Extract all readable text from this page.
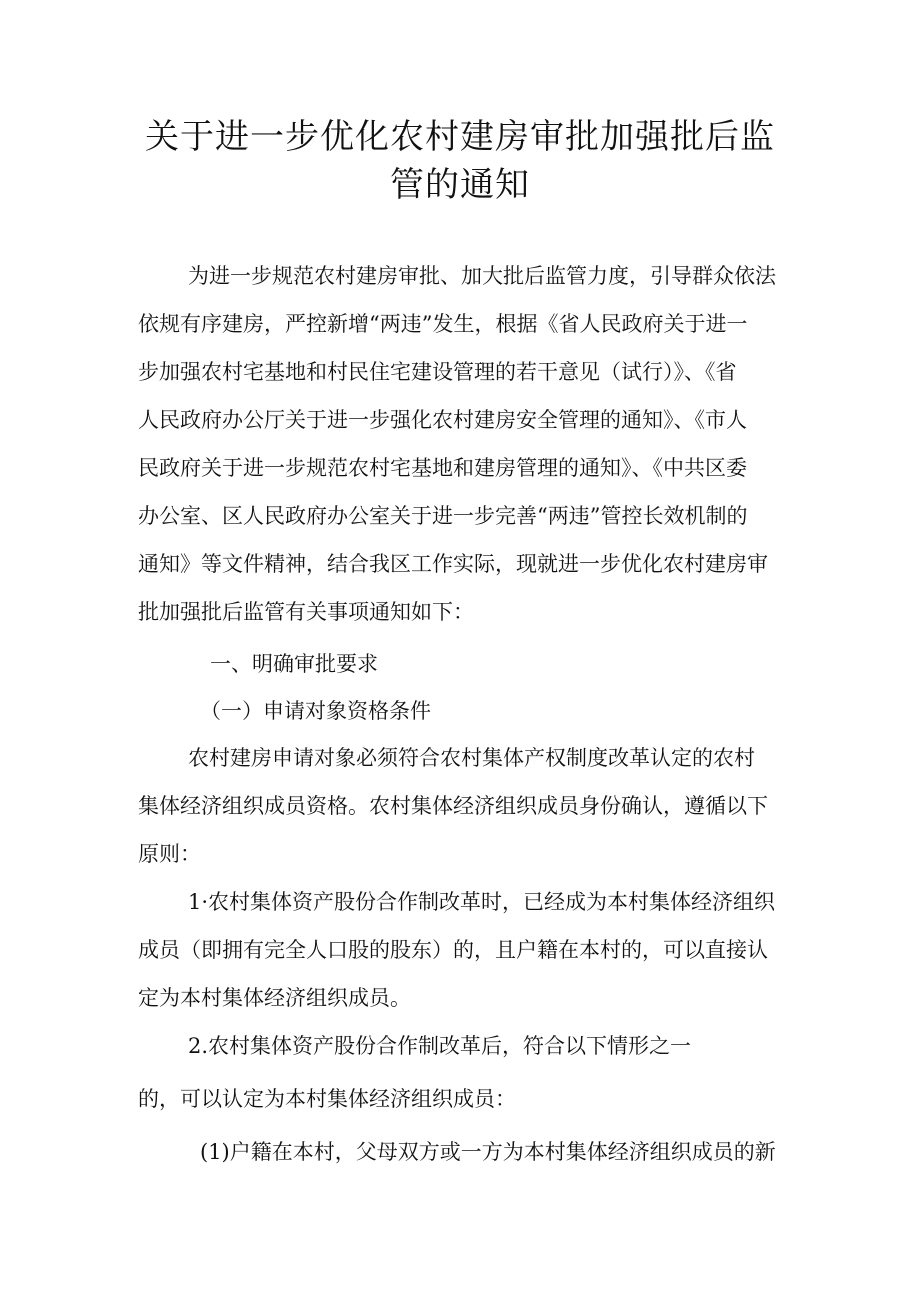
关于进一步优化农村建房审批加强批后监
管的通知
为进一步规范农村建房审批、加大批后监管力度，引导群众依法
依规有序建房，严控新增“两违”发生，根据《省人民政府关于进一
步加强农村宅基地和村民住宅建设管理的若干意见（试行）》、《省
人民政府办公厅关于进一步强化农村建房安全管理的通知》、《市人
民政府关于进一步规范农村宅基地和建房管理的通知》、《中共区委
办公室、区人民政府办公室关于进一步完善“两违”管控长效机制的
通知》等文件精神，结合我区工作实际，现就进一步优化农村建房审
批加强批后监管有关事项通知如下：
一、明确审批要求
（一）申请对象资格条件
农村建房申请对象必须符合农村集体产权制度改革认定的农村
集体经济组织成员资格。农村集体经济组织成员身份确认，遵循以下
原则：
1·农村集体资产股份合作制改革时，已经成为本村集体经济组织
成员（即拥有完全人口股的股东）的，且户籍在本村的，可以直接认
定为本村集体经济组织成员。
2.农村集体资产股份合作制改革后，符合以下情形之一
的，可以认定为本村集体经济组织成员：
(1)户籍在本村，父母双方或一方为本村集体经济组织成员的新
